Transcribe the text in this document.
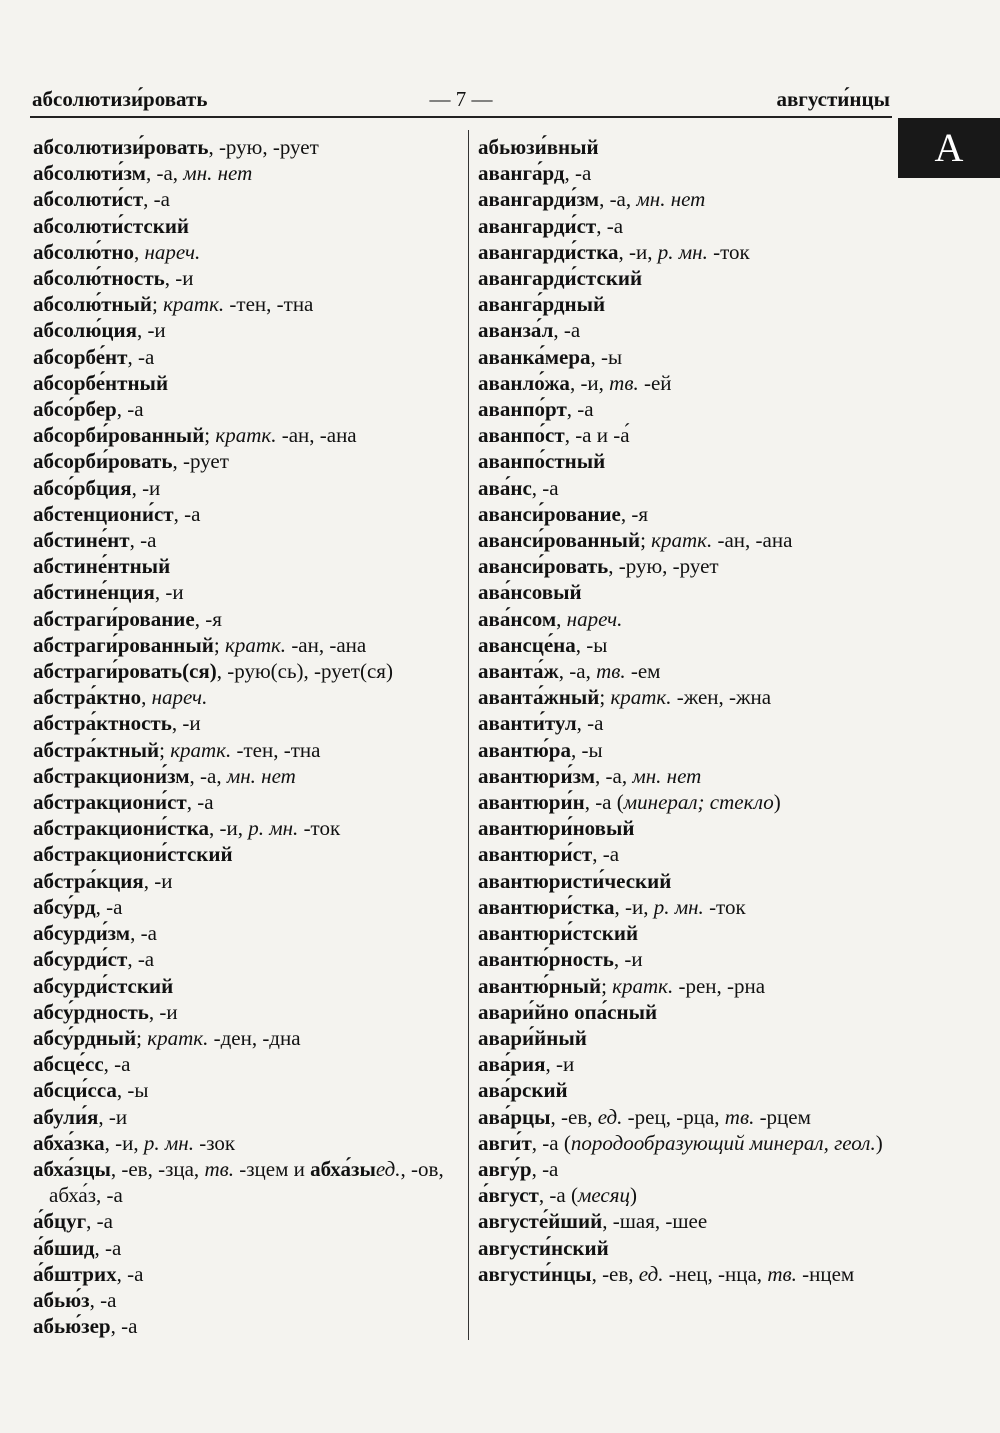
абсолютизи́ровать	— 7 —	августи́нцы
А
абсолютизи́ровать, -рую, -рует
абсолюти́зм, -а, мн. нет
абсолюти́ст, -а
абсолюти́стский
абсолю́тно, нареч.
абсолю́тность, -и
абсолю́тный; кратк. -тен, -тна
абсолю́ция, -и
абсорбе́нт, -а
абсорбе́нтный
абсо́рбер, -а
абсорби́рованный; кратк. -ан, -ана
абсорби́ровать, -рует
абсо́рбция, -и
абстенциони́ст, -а
абстине́нт, -а
абстине́нтный
абстине́нция, -и
абстраги́рование, -я
абстраги́рованный; кратк. -ан, -ана
абстраги́ровать(ся), -рую(сь), -рует(ся)
абстра́ктно, нареч.
абстра́ктность, -и
абстра́ктный; кратк. -тен, -тна
абстракциони́зм, -а, мн. нет
абстракциони́ст, -а
абстракциони́стка, -и, р. мн. -ток
абстракциони́стский
абстра́кция, -и
абсу́рд, -а
абсурди́зм, -а
абсурди́ст, -а
абсурди́стский
абсу́рдность, -и
абсу́рдный; кратк. -ден, -дна
абсце́сс, -а
абсци́сса, -ы
абули́я, -и
абха́зка, -и, р. мн. -зок
абха́зцы, -ев, -зца, тв. -зцем и абха́зыед., -ов, абха́з, -а
а́бцуг, -а
а́бшид, -а
а́бштрих, -а
абью́з, -а
абью́зер, -а
абьюзи́вный
аванга́рд, -а
авангарди́зм, -а, мн. нет
авангарди́ст, -а
авангарди́стка, -и, р. мн. -ток
авангарди́стский
аванга́рдный
аванза́л, -а
аванка́мера, -ы
аванло́жа, -и, тв. -ей
аванпо́рт, -а
аванпо́ст, -а и -а́
аванпо́стный
ава́нс, -а
аванси́рование, -я
аванси́рованный; кратк. -ан, -ана
аванси́ровать, -рую, -рует
ава́нсовый
ава́нсом, нареч.
авансце́на, -ы
аванта́ж, -а, тв. -ем
аванта́жный; кратк. -жен, -жна
аванти́тул, -а
авантю́ра, -ы
авантюри́зм, -а, мн. нет
авантюри́н, -а (минерал; стекло)
авантюри́новый
авантюри́ст, -а
авантюристи́ческий
авантюри́стка, -и, р. мн. -ток
авантюри́стский
авантю́рность, -и
авантю́рный; кратк. -рен, -рна
авари́йно опа́сный
авари́йный
ава́рия, -и
ава́рский
ава́рцы, -ев, ед. -рец, -рца, тв. -рцем
авги́т, -а (породообразующий минерал, геол.)
авгу́р, -а
а́вгуст, -а (месяц)
августе́йший, -шая, -шее
августи́нский
августи́нцы, -ев, ед. -нец, -нца, тв. -нцем
